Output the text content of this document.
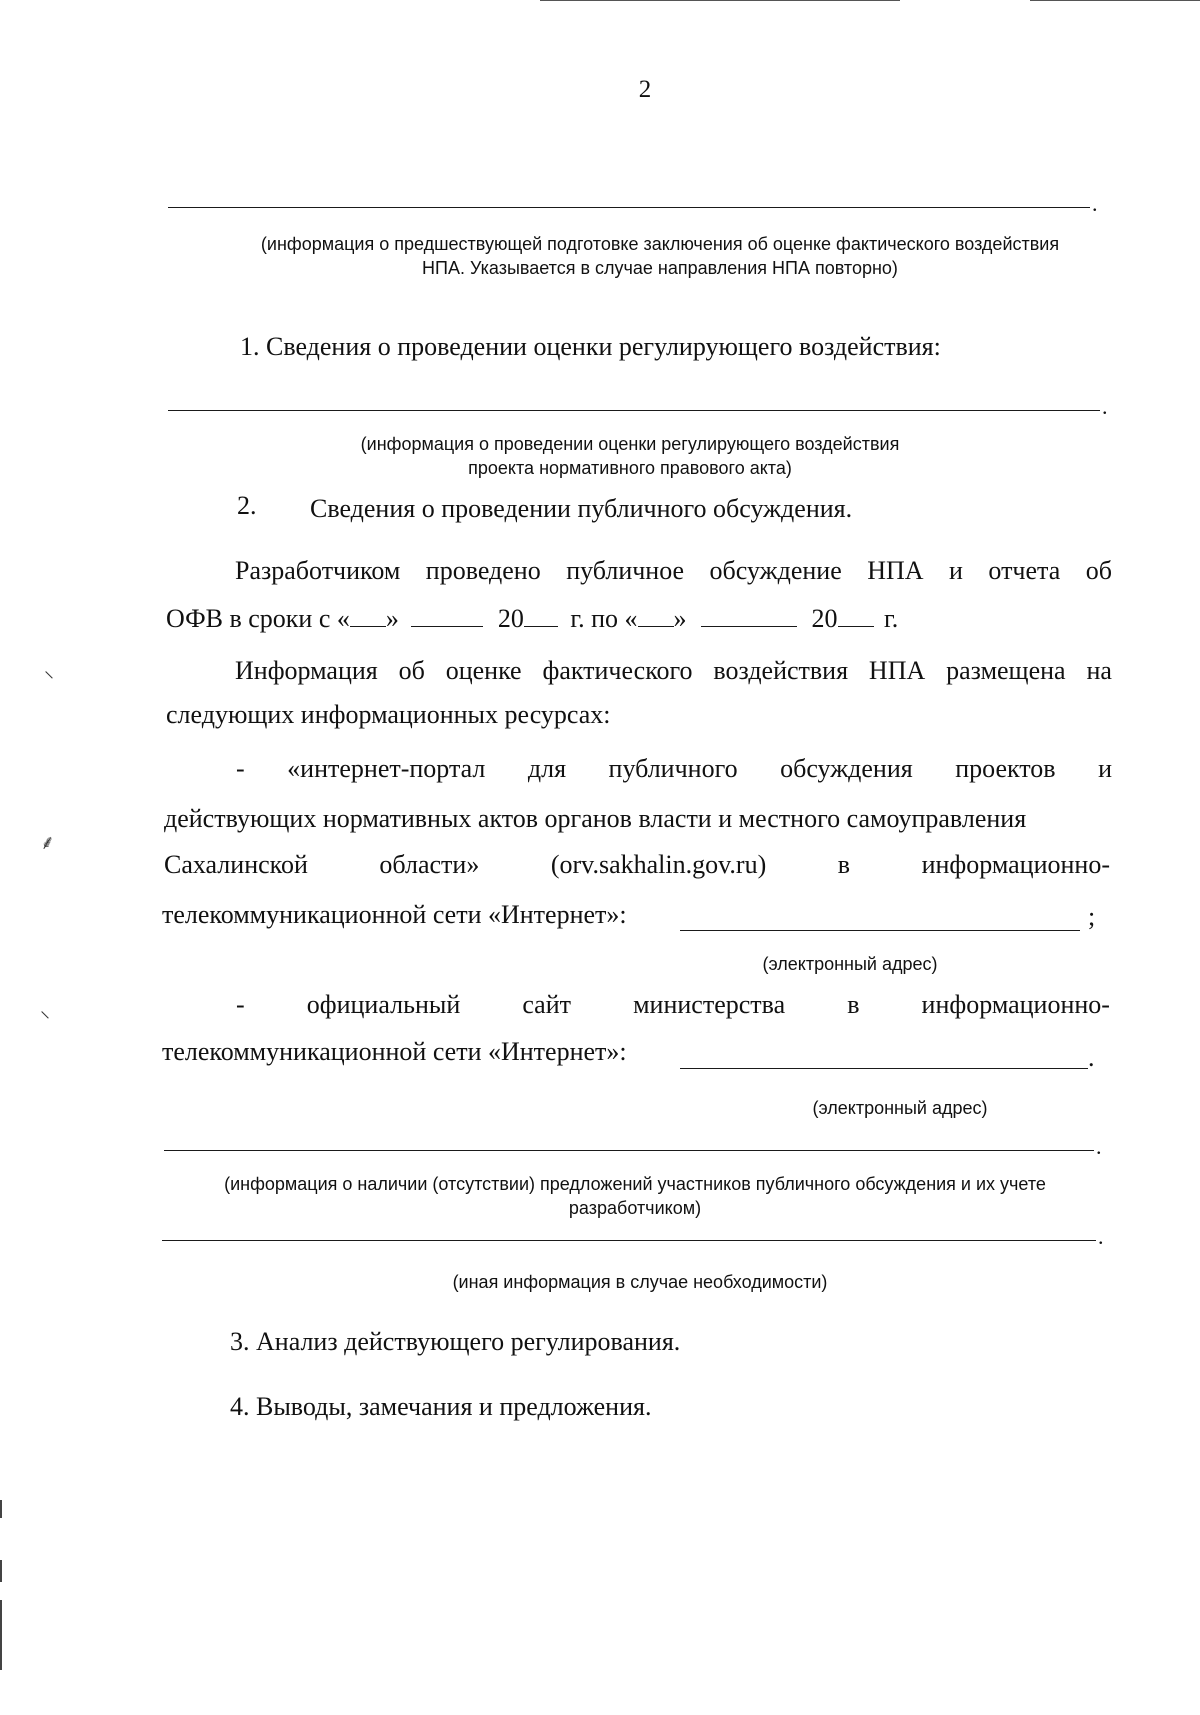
2
.
(информация о предшествующей подготовке заключения об оценке фактического воздействия
НПА. Указывается в случае направления НПА повторно)
1. Сведения о проведении оценки регулирующего воздействия:
.
(информация о проведении оценки регулирующего воздействия
проекта нормативного правового акта)
2. Сведения о проведении публичного обсуждения.
Разработчиком проведено публичное обсуждение НПА и отчета об
ОФВ в сроки с « »	20 г. по « »	20 г.
Информация об оценке фактического воздействия НПА размещена на
следующих информационных ресурсах:
- «интернет-портал для публичного обсуждения проектов и
действующих нормативных актов органов власти и местного самоуправления
Сахалинской	области»	(orv.sakhalin.gov.ru)	в	информационно-
телекоммуникационной сети «Интернет»:	;
(электронный адрес)
- официальный сайт министерства в информационно-
телекоммуникационной сети «Интернет»:	.
(электронный адрес)
.
(информация о наличии (отсутствии) предложений участников публичного обсуждения и их учете
разработчиком)
.
(иная информация в случае необходимости)
3. Анализ действующего регулирования.
4. Выводы, замечания и предложения.
⸜
⸙
⸜
